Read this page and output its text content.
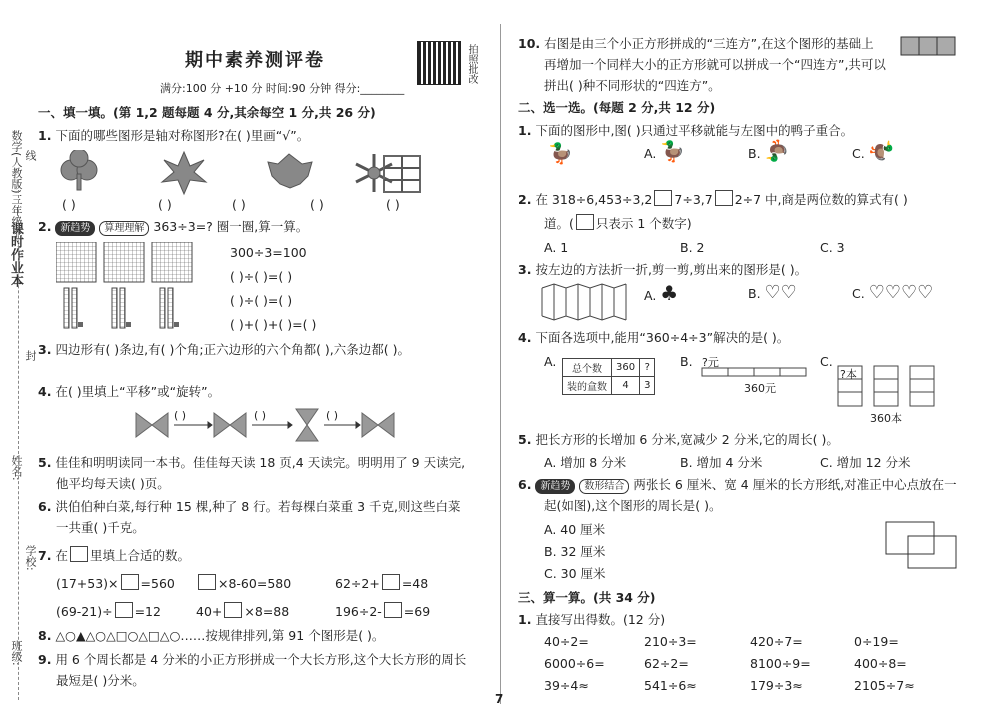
课时作业本
数学(人教版)三年级下 线
封
姓名:
学校:
班级:
期中素养测评卷
满分:100 分 +10 分 时间:90 分钟 得分:________
拍照批改
一、填一填。(第 1,2 题每题 4 分,其余每空 1 分,共 26 分)
1. 下面的哪些图形是轴对称图形?在( )里画“√”。
( )	( )	( )	( )	( )
2. 新趋势 算理理解 363÷3=? 圈一圈,算一算。
300÷3=100
( )÷( )=( )
( )÷( )=( )
( )+( )+( )=( )
3. 四边形有( )条边,有( )个角;正六边形的六个角都( ),六条边都( )。
4. 在( )里填上“平移”或“旋转”。
( )	( )	( )
5. 佳佳和明明读同一本书。佳佳每天读 18 页,4 天读完。明明用了 9 天读完,
他平均每天读( )页。
6. 洪伯伯种白菜,每行种 15 棵,种了 8 行。若每棵白菜重 3 千克,则这些白菜
一共重( )千克。
7. 在 里填上合适的数。
(17+53)× =560	×8-60=580	62÷2+ =48
(69-21)÷ =12	40+ ×8=88	196÷2- =69
8. △○▲△○△□○△□△○……按规律排列,第 91 个图形是( )。
9. 用 6 个周长都是 4 分米的小正方形拼成一个大长方形,这个大长方形的周长
最短是( )分米。
7
10. 右图是由三个小正方形拼成的“三连方”,在这个图形的基础上
再增加一个同样大小的正方形就可以拼成一个“四连方”,共可以
拼出( )种不同形状的“四连方”。
二、选一选。(每题 2 分,共 12 分)
1. 下面的图形中,图( )只通过平移就能与左图中的鸭子重合。
🦆	A. 🦆	B. 🦆	C. 🦆
2. 在 318÷6,453÷3,2 7÷3,7 2÷7 中,商是两位数的算式有( )
道。( 只表示 1 个数字)
A. 1	B. 2	C. 3
3. 按左边的方法折一折,剪一剪,剪出来的图形是( )。
A. ♣	B. ♡♡	C. ♡♡♡♡
4. 下面各选项中,能用“360÷4÷3”解决的是( )。
A.
总个数	360	?
装的盒数	4	3
B. ?元
360元
C.
?本
360本
5. 把长方形的长增加 6 分米,宽减少 2 分米,它的周长( )。
A. 增加 8 分米	B. 增加 4 分米	C. 增加 12 分米
6. 新趋势 数形结合 两张长 6 厘米、宽 4 厘米的长方形纸,对准正中心点放在一
起(如图),这个图形的周长是( )。
A. 40 厘米
B. 32 厘米
C. 30 厘米
三、算一算。(共 34 分)
1. 直接写出得数。(12 分)
40÷2=	210÷3=	420÷7=	0÷19=
6000÷6=	62÷2=	8100÷9=	400÷8=
39÷4≈	541÷6≈	179÷3≈	2105÷7≈
